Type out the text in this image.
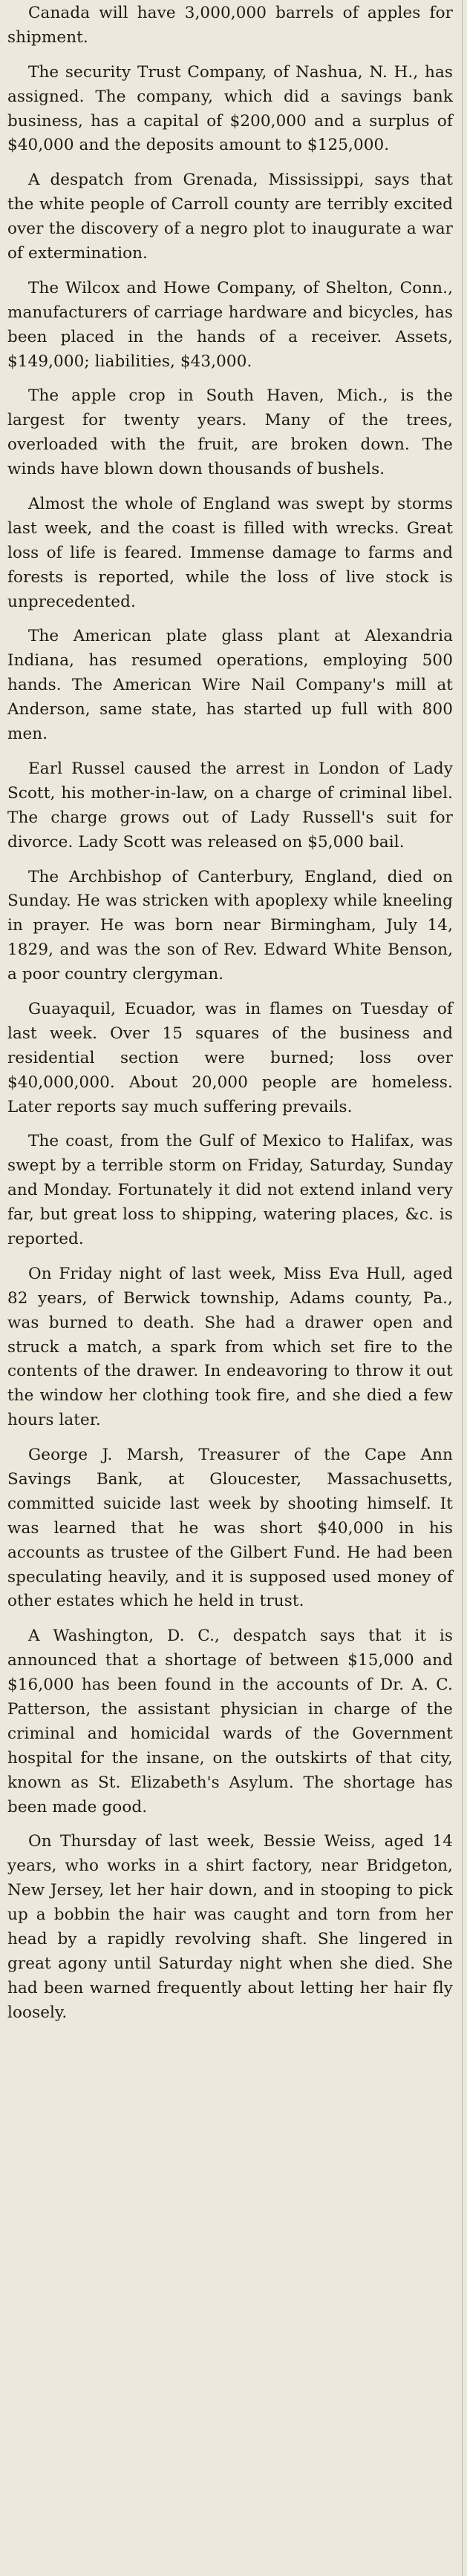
Canada will have 3,000,000 barrels of apples for shipment.

The security Trust Company, of Nashua, N. H., has assigned. The company, which did a savings bank business, has a capital of $200,000 and a surplus of $40,000 and the deposits amount to $125,000.

A despatch from Grenada, Mississippi, says that the white people of Carroll county are terribly excited over the discovery of a negro plot to inaugurate a war of extermination.

The Wilcox and Howe Company, of Shelton, Conn., manufacturers of carriage hardware and bicycles, has been placed in the hands of a receiver. Assets, $149,000; liabilities, $43,000.

The apple crop in South Haven, Mich., is the largest for twenty years. Many of the trees, overloaded with the fruit, are broken down. The winds have blown down thousands of bushels.

Almost the whole of England was swept by storms last week, and the coast is filled with wrecks. Great loss of life is feared. Immense damage to farms and forests is reported, while the loss of live stock is unprecedented.

The American plate glass plant at Alexandria Indiana, has resumed operations, employing 500 hands. The American Wire Nail Company's mill at Anderson, same state, has started up full with 800 men.

Earl Russel caused the arrest in London of Lady Scott, his mother-in-law, on a charge of criminal libel. The charge grows out of Lady Russell's suit for divorce. Lady Scott was released on $5,000 bail.

The Archbishop of Canterbury, England, died on Sunday. He was stricken with apoplexy while kneeling in prayer. He was born near Birmingham, July 14, 1829, and was the son of Rev. Edward White Benson, a poor country clergyman.

Guayaquil, Ecuador, was in flames on Tuesday of last week. Over 15 squares of the business and residential section were burned; loss over $40,000,000. About 20,000 people are homeless. Later reports say much suffering prevails.

The coast, from the Gulf of Mexico to Halifax, was swept by a terrible storm on Friday, Saturday, Sunday and Monday. Fortunately it did not extend inland very far, but great loss to shipping, watering places, &c. is reported.

On Friday night of last week, Miss Eva Hull, aged 82 years, of Berwick township, Adams county, Pa., was burned to death. She had a drawer open and struck a match, a spark from which set fire to the contents of the drawer. In endeavoring to throw it out the window her clothing took fire, and she died a few hours later.

George J. Marsh, Treasurer of the Cape Ann Savings Bank, at Gloucester, Massachusetts, committed suicide last week by shooting himself. It was learned that he was short $40,000 in his accounts as trustee of the Gilbert Fund. He had been speculating heavily, and it is supposed used money of other estates which he held in trust.

A Washington, D. C., despatch says that it is announced that a shortage of between $15,000 and $16,000 has been found in the accounts of Dr. A. C. Patterson, the assistant physician in charge of the criminal and homicidal wards of the Government hospital for the insane, on the outskirts of that city, known as St. Elizabeth's Asylum. The shortage has been made good.

On Thursday of last week, Bessie Weiss, aged 14 years, who works in a shirt factory, near Bridgeton, New Jersey, let her hair down, and in stooping to pick up a bobbin the hair was caught and torn from her head by a rapidly revolving shaft. She lingered in great agony until Saturday night when she died. She had been warned frequently about letting her hair fly loosely.
